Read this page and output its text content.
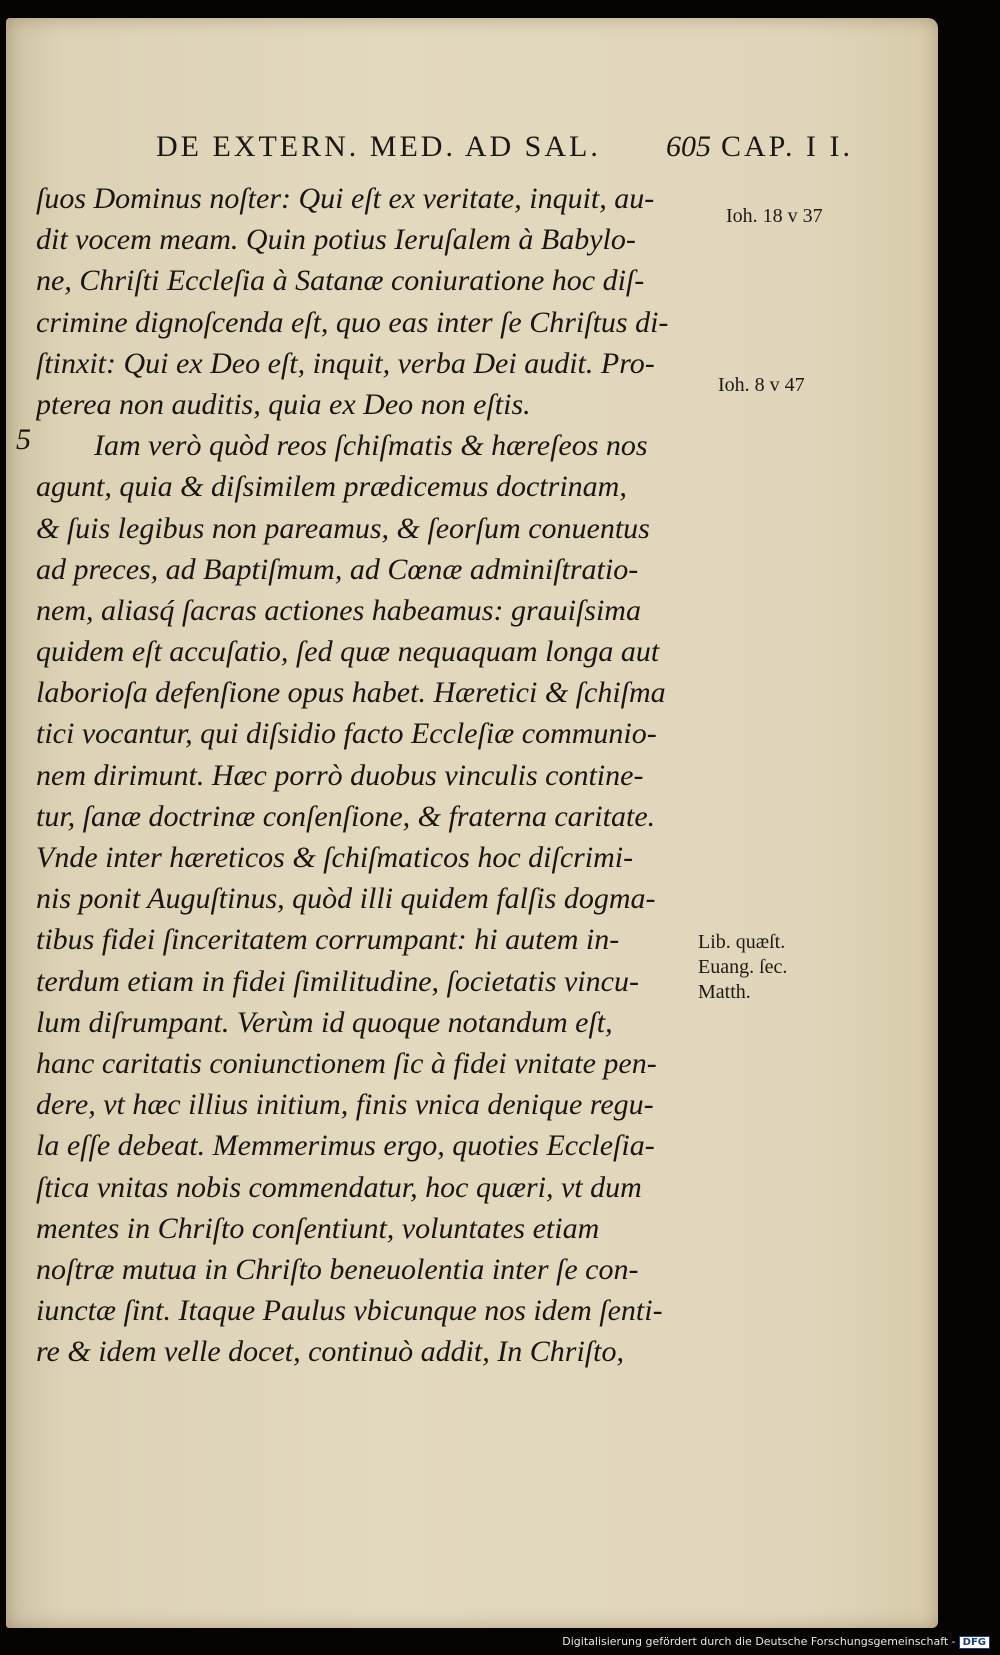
DE EXTERN. MED. AD SAL. 605 CAP. I I.
5
ſuos Dominus noſter: Qui eſt ex veritate, inquit, au-
dit vocem meam. Quin potius Ieruſalem à Babylo-
ne, Chriſti Eccleſia à Satanæ coniuratione hoc diſ-
crimine dignoſcenda eſt, quo eas inter ſe Chriſtus di-
ſtinxit: Qui ex Deo eſt, inquit, verba Dei audit. Pro-
pterea non auditis, quia ex Deo non eſtis.
Iam verò quòd reos ſchiſmatis & hæreſeos nos
agunt, quia & diſsimilem prædicemus doctrinam,
& ſuis legibus non pareamus, & ſeorſum conuentus
ad preces, ad Baptiſmum, ad Cœnæ adminiſtratio-
nem, aliasq́ ſacras actiones habeamus: grauiſsima
quidem eſt accuſatio, ſed quæ nequaquam longa aut
laborioſa defenſione opus habet. Hæretici & ſchiſma
tici vocantur, qui diſsidio facto Eccleſiæ communio-
nem dirimunt. Hæc porrò duobus vinculis contine-
tur, ſanæ doctrinæ conſenſione, & fraterna caritate.
Vnde inter hæreticos & ſchiſmaticos hoc diſcrimi-
nis ponit Auguſtinus, quòd illi quidem falſis dogma-
tibus fidei ſinceritatem corrumpant: hi autem in-
terdum etiam in fidei ſimilitudine, ſocietatis vincu-
lum diſrumpant. Verùm id quoque notandum eſt,
hanc caritatis coniunctionem ſic à fidei vnitate pen-
dere, vt hæc illius initium, finis vnica denique regu-
la eſſe debeat. Memmerimus ergo, quoties Eccleſia-
ſtica vnitas nobis commendatur, hoc quæri, vt dum
mentes in Chriſto conſentiunt, voluntates etiam
noſtræ mutua in Chriſto beneuolentia inter ſe con-
iunctæ ſint. Itaque Paulus vbicunque nos idem ſenti-
re & idem velle docet, continuò addit, In Chriſto,
Ioh. 18 v 37
Ioh. 8 v 47
Lib. quæſt.
Euang. ſec.
Matth.
Digitalisierung gefördert durch die Deutsche Forschungsgemeinschaft - DFG
